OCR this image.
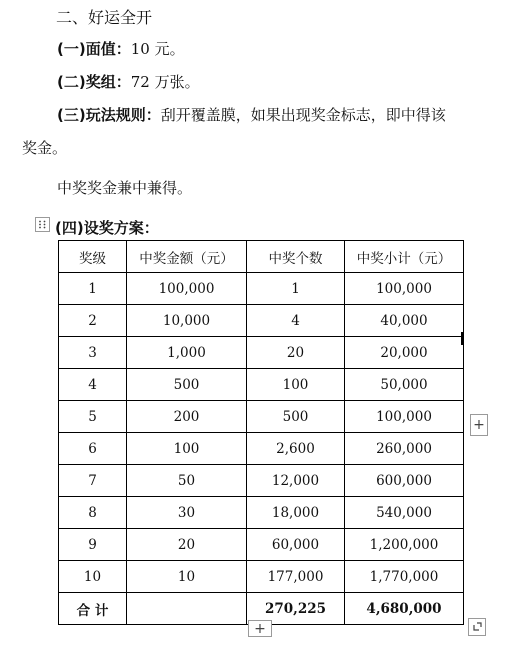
二、好运全开
(一)面值：10 元。
(二)奖组：72 万张。
(三)玩法规则：刮开覆盖膜，如果出现奖金标志，即中得该
奖金。
中奖奖金兼中兼得。
(四)设奖方案：
奖级	中奖金额（元）	中奖个数	中奖小计（元）
1	100,000	1	100,000
2	10,000	4	40,000
3	1,000	20	20,000
4	500	100	50,000
5	200	500	100,000
6	100	2,600	260,000
7	50	12,000	600,000
8	30	18,000	540,000
9	20	60,000	1,200,000
10	10	177,000	1,770,000
合 计		270,225	4,680,000
+
+
